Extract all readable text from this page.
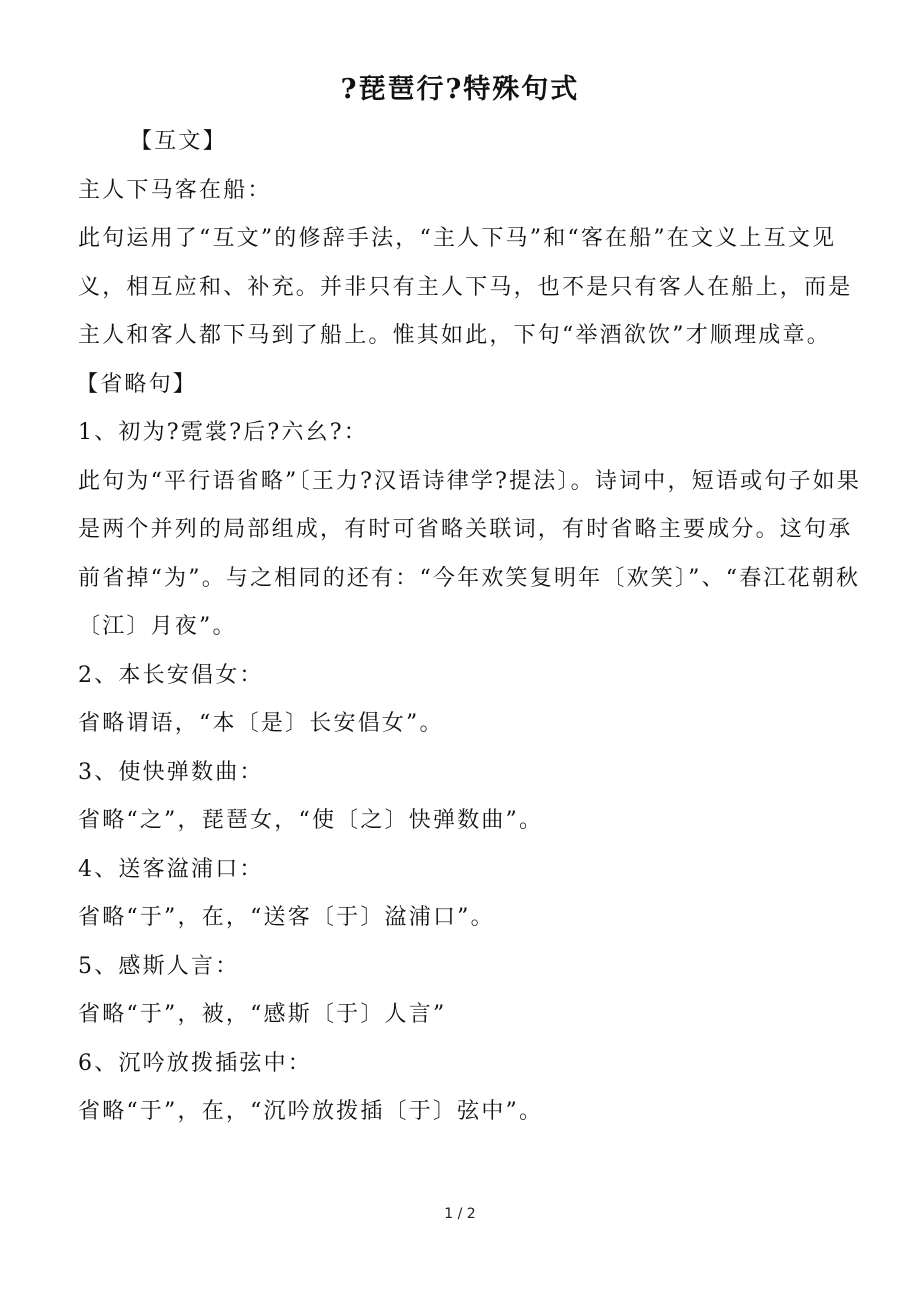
?琵琶行?特殊句式

【互文】

主人下马客在船：

此句运用了“互文”的修辞手法，“主人下马”和“客在船”在文义上互文见义，相互应和、补充。并非只有主人下马，也不是只有客人在船上，而是主人和客人都下马到了船上。惟其如此，下句“举酒欲饮”才顺理成章。

【省略句】

1、初为?霓裳?后?六幺?：

此句为“平行语省略”〔王力?汉语诗律学?提法〕。诗词中，短语或句子如果是两个并列的局部组成，有时可省略关联词，有时省略主要成分。这句承前省掉“为”。与之相同的还有：“今年欢笑复明年〔欢笑〕”、“春江花朝秋〔江〕月夜”。

2、本长安倡女：

省略谓语，“本〔是〕长安倡女”。

3、使快弹数曲：

省略“之”，琵琶女，“使〔之〕快弹数曲”。

4、送客湓浦口：

省略“于”，在，“送客〔于〕湓浦口”。

5、感斯人言：

省略“于”，被，“感斯〔于〕人言”

6、沉吟放拨插弦中：

省略“于”，在，“沉吟放拨插〔于〕弦中”。

1 / 2
